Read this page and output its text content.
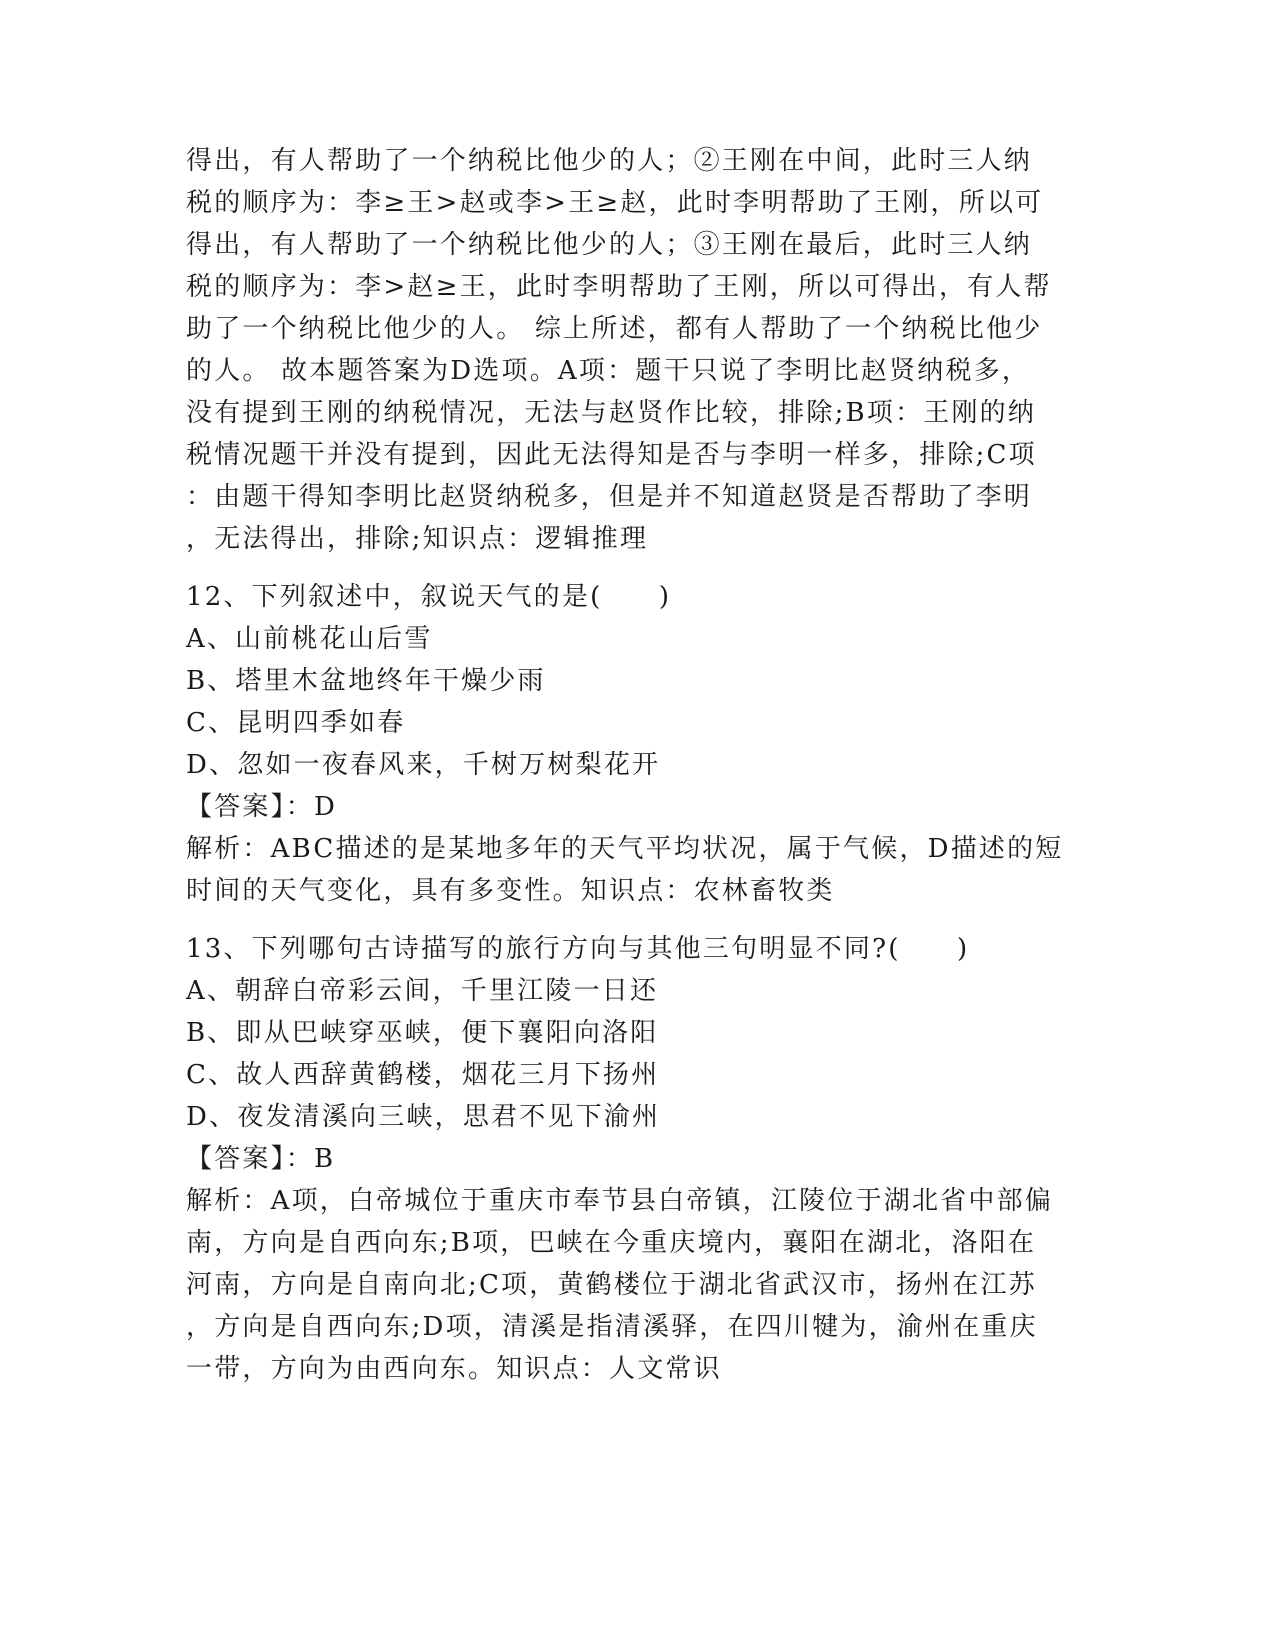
得出，有人帮助了一个纳税比他少的人；②王刚在中间，此时三人纳
税的顺序为：李≥王>赵或李>王≥赵，此时李明帮助了王刚，所以可
得出，有人帮助了一个纳税比他少的人；③王刚在最后，此时三人纳
税的顺序为：李>赵≥王，此时李明帮助了王刚，所以可得出，有人帮
助了一个纳税比他少的人。 综上所述，都有人帮助了一个纳税比他少
的人。 故本题答案为D选项。A项：题干只说了李明比赵贤纳税多，
没有提到王刚的纳税情况，无法与赵贤作比较，排除;B项：王刚的纳
税情况题干并没有提到，因此无法得知是否与李明一样多，排除;C项
：由题干得知李明比赵贤纳税多，但是并不知道赵贤是否帮助了李明
，无法得出，排除;知识点：逻辑推理
12、下列叙述中，叙说天气的是(　　)
A、山前桃花山后雪
B、塔里木盆地终年干燥少雨
C、昆明四季如春
D、忽如一夜春风来，千树万树梨花开
【答案】：D
解析：ABC描述的是某地多年的天气平均状况，属于气候，D描述的短
时间的天气变化，具有多变性。知识点：农林畜牧类
13、下列哪句古诗描写的旅行方向与其他三句明显不同?(　　)
A、朝辞白帝彩云间，千里江陵一日还
B、即从巴峡穿巫峡，便下襄阳向洛阳
C、故人西辞黄鹤楼，烟花三月下扬州
D、夜发清溪向三峡，思君不见下渝州
【答案】：B
解析：A项，白帝城位于重庆市奉节县白帝镇，江陵位于湖北省中部偏
南，方向是自西向东;B项，巴峡在今重庆境内，襄阳在湖北，洛阳在
河南，方向是自南向北;C项，黄鹤楼位于湖北省武汉市，扬州在江苏
，方向是自西向东;D项，清溪是指清溪驿，在四川犍为，渝州在重庆
一带，方向为由西向东。知识点：人文常识
